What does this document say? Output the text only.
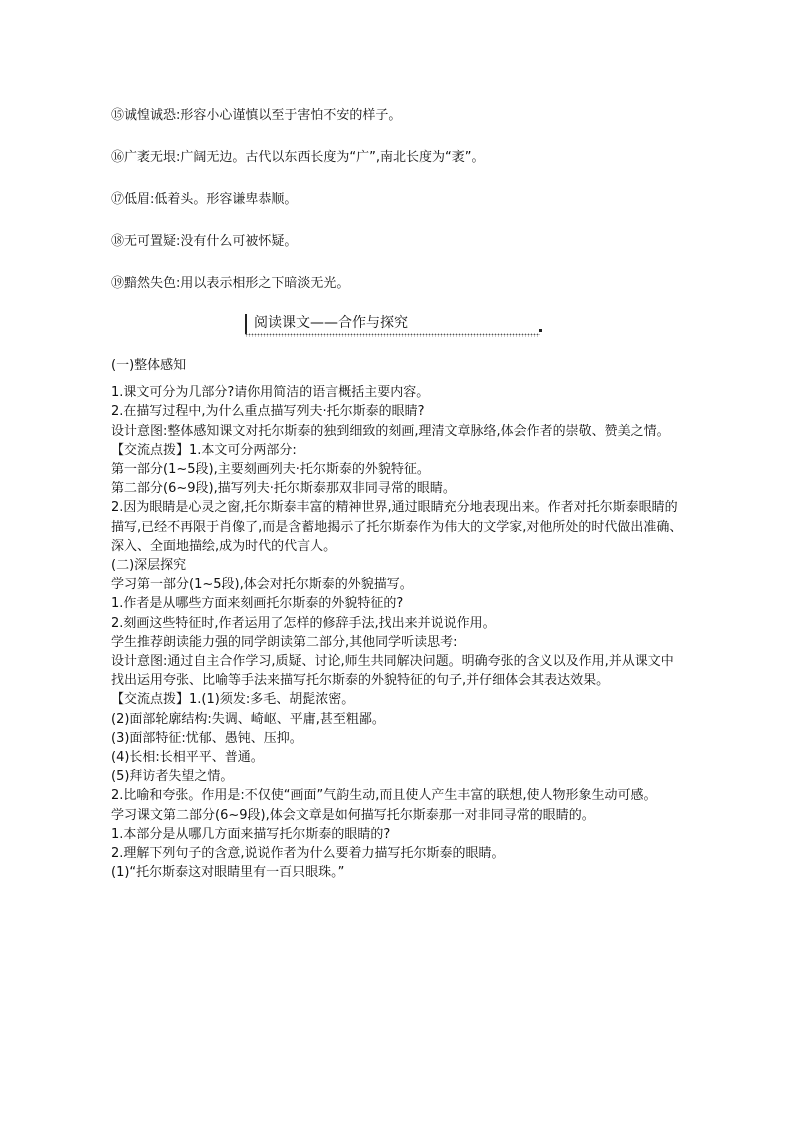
⑮诚惶诚恐:形容小心谨慎以至于害怕不安的样子。
⑯广袤无垠:广阔无边。古代以东西长度为“广”,南北长度为“袤”。
⑰低眉:低着头。形容谦卑恭顺。
⑱无可置疑:没有什么可被怀疑。
⑲黯然失色:用以表示相形之下暗淡无光。
阅读课文——合作与探究

(一)整体感知

1.课文可分为几部分?请你用简洁的语言概括主要内容。

2.在描写过程中,为什么重点描写列夫·托尔斯泰的眼睛?

设计意图:整体感知课文对托尔斯泰的独到细致的刻画,理清文章脉络,体会作者的崇敬、赞美之情。

【交流点拨】1.本文可分两部分:

第一部分(1~5段),主要刻画列夫·托尔斯泰的外貌特征。

第二部分(6~9段),描写列夫·托尔斯泰那双非同寻常的眼睛。

2.因为眼睛是心灵之窗,托尔斯泰丰富的精神世界,通过眼睛充分地表现出来。作者对托尔斯泰眼睛的描写,已经不再限于肖像了,而是含蓄地揭示了托尔斯泰作为伟大的文学家,对他所处的时代做出准确、深入、全面地描绘,成为时代的代言人。

(二)深层探究

学习第一部分(1~5段),体会对托尔斯泰的外貌描写。

1.作者是从哪些方面来刻画托尔斯泰的外貌特征的?

2.刻画这些特征时,作者运用了怎样的修辞手法,找出来并说说作用。

学生推荐朗读能力强的同学朗读第二部分,其他同学听读思考:

设计意图:通过自主合作学习,质疑、讨论,师生共同解决问题。明确夸张的含义以及作用,并从课文中找出运用夸张、比喻等手法来描写托尔斯泰的外貌特征的句子,并仔细体会其表达效果。

【交流点拨】1.(1)须发:多毛、胡髭浓密。

(2)面部轮廓结构:失调、崎岖、平庸,甚至粗鄙。

(3)面部特征:忧郁、愚钝、压抑。

(4)长相:长相平平、普通。

(5)拜访者失望之情。

2.比喻和夸张。作用是:不仅使“画面”气韵生动,而且使人产生丰富的联想,使人物形象生动可感。

学习课文第二部分(6~9段),体会文章是如何描写托尔斯泰那一对非同寻常的眼睛的。

1.本部分是从哪几方面来描写托尔斯泰的眼睛的?

2.理解下列句子的含意,说说作者为什么要着力描写托尔斯泰的眼睛。

(1)“托尔斯泰这对眼睛里有一百只眼珠。”
